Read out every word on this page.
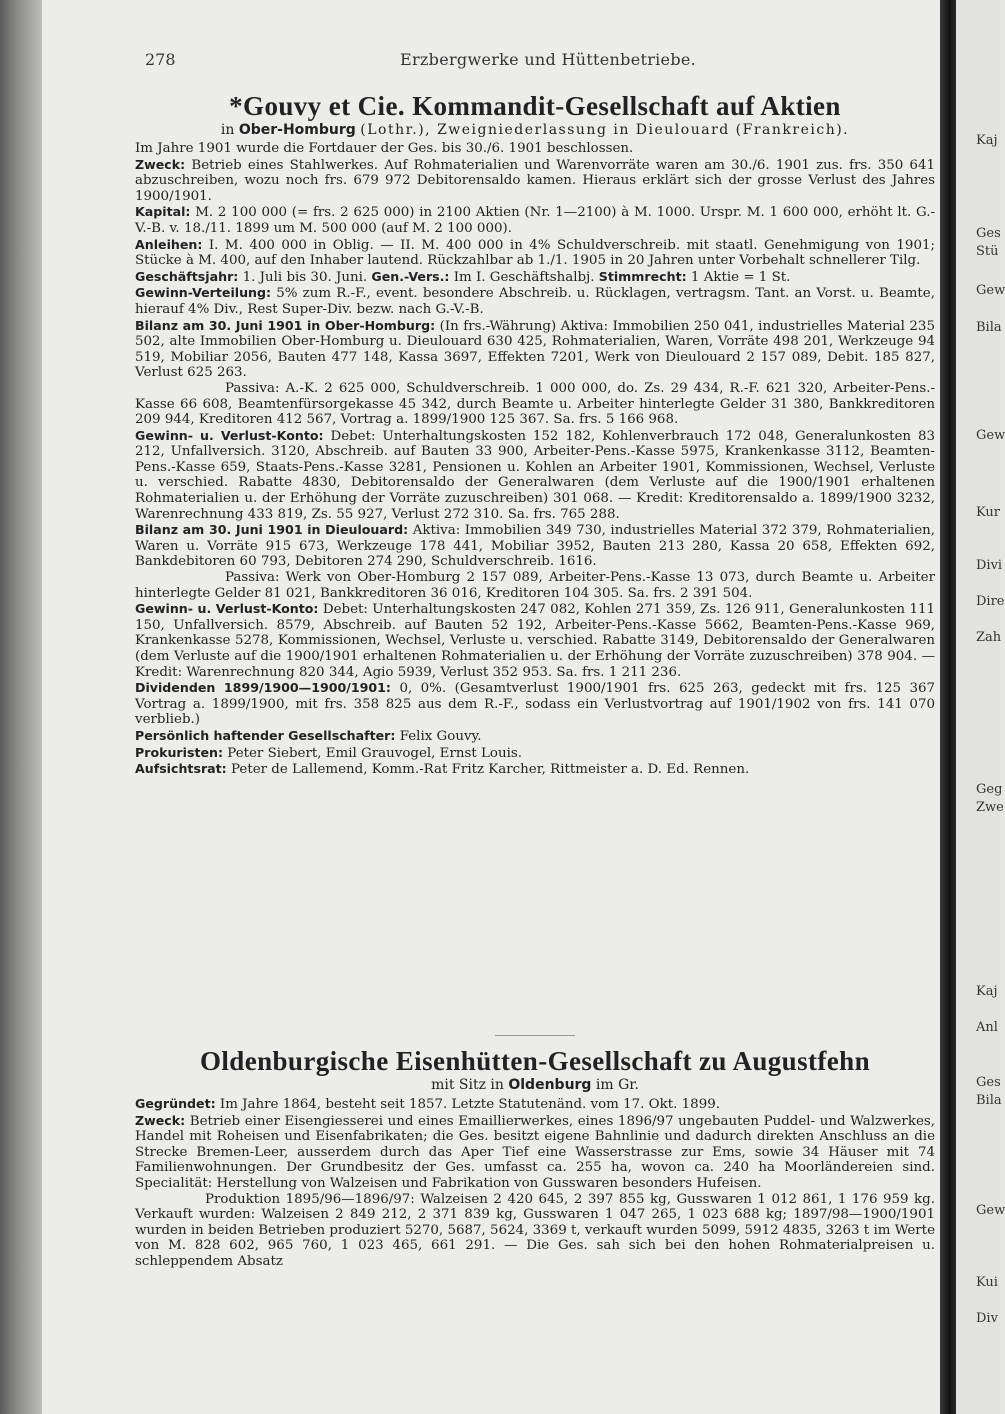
278	Erzbergwerke und Hüttenbetriebe.
*Gouvy et Cie. Kommandit-Gesellschaft auf Aktien
in Ober-Homburg (Lothr.), Zweigniederlassung in Dieulouard (Frankreich).

Im Jahre 1901 wurde die Fortdauer der Ges. bis 30./6. 1901 beschlossen.

Zweck: Betrieb eines Stahlwerkes. Auf Rohmaterialien und Warenvorräte waren am 30./6. 1901 zus. frs. 350 641 abzuschreiben, wozu noch frs. 679 972 Debitorensaldo kamen. Hieraus erklärt sich der grosse Verlust des Jahres 1900/1901.

Kapital: M. 2 100 000 (= frs. 2 625 000) in 2100 Aktien (Nr. 1—2100) à M. 1000. Urspr. M. 1 600 000, erhöht lt. G.-V.-B. v. 18./11. 1899 um M. 500 000 (auf M. 2 100 000).

Anleihen: I. M. 400 000 in Oblig. — II. M. 400 000 in 4% Schuldverschreib. mit staatl. Genehmigung von 1901; Stücke à M. 400, auf den Inhaber lautend. Rückzahlbar ab 1./1. 1905 in 20 Jahren unter Vorbehalt schnellerer Tilg.

Geschäftsjahr: 1. Juli bis 30. Juni. Gen.-Vers.: Im I. Geschäftshalbj. Stimmrecht: 1 Aktie = 1 St.

Gewinn-Verteilung: 5% zum R.-F., event. besondere Abschreib. u. Rücklagen, vertragsm. Tant. an Vorst. u. Beamte, hierauf 4% Div., Rest Super-Div. bezw. nach G.-V.-B.

Bilanz am 30. Juni 1901 in Ober-Homburg: (In frs.-Währung) Aktiva: Immobilien 250 041, industrielles Material 235 502, alte Immobilien Ober-Homburg u. Dieulouard 630 425, Rohmaterialien, Waren, Vorräte 498 201, Werkzeuge 94 519, Mobiliar 2056, Bauten 477 148, Kassa 3697, Effekten 7201, Werk von Dieulouard 2 157 089, Debit. 185 827, Verlust 625 263.

Passiva: A.-K. 2 625 000, Schuldverschreib. 1 000 000, do. Zs. 29 434, R.-F. 621 320, Arbeiter-Pens.-Kasse 66 608, Beamtenfürsorgekasse 45 342, durch Beamte u. Arbeiter hinterlegte Gelder 31 380, Bankkreditoren 209 944, Kreditoren 412 567, Vortrag a. 1899/1900 125 367. Sa. frs. 5 166 968.

Gewinn- u. Verlust-Konto: Debet: Unterhaltungskosten 152 182, Kohlenverbrauch 172 048, Generalunkosten 83 212, Unfallversich. 3120, Abschreib. auf Bauten 33 900, Arbeiter-Pens.-Kasse 5975, Krankenkasse 3112, Beamten-Pens.-Kasse 659, Staats-Pens.-Kasse 3281, Pensionen u. Kohlen an Arbeiter 1901, Kommissionen, Wechsel, Verluste u. verschied. Rabatte 4830, Debitorensaldo der Generalwaren (dem Verluste auf die 1900/1901 erhaltenen Rohmaterialien u. der Erhöhung der Vorräte zuzuschreiben) 301 068. — Kredit: Kreditorensaldo a. 1899/1900 3232, Warenrechnung 433 819, Zs. 55 927, Verlust 272 310. Sa. frs. 765 288.

Bilanz am 30. Juni 1901 in Dieulouard: Aktiva: Immobilien 349 730, industrielles Material 372 379, Rohmaterialien, Waren u. Vorräte 915 673, Werkzeuge 178 441, Mobiliar 3952, Bauten 213 280, Kassa 20 658, Effekten 692, Bankdebitoren 60 793, Debitoren 274 290, Schuldverschreib. 1616.

Passiva: Werk von Ober-Homburg 2 157 089, Arbeiter-Pens.-Kasse 13 073, durch Beamte u. Arbeiter hinterlegte Gelder 81 021, Bankkreditoren 36 016, Kreditoren 104 305. Sa. frs. 2 391 504.

Gewinn- u. Verlust-Konto: Debet: Unterhaltungskosten 247 082, Kohlen 271 359, Zs. 126 911, Generalunkosten 111 150, Unfallversich. 8579, Abschreib. auf Bauten 52 192, Arbeiter-Pens.-Kasse 5662, Beamten-Pens.-Kasse 969, Krankenkasse 5278, Kommissionen, Wechsel, Verluste u. verschied. Rabatte 3149, Debitorensaldo der Generalwaren (dem Verluste auf die 1900/1901 erhaltenen Rohmaterialien u. der Erhöhung der Vorräte zuzuschreiben) 378 904. — Kredit: Warenrechnung 820 344, Agio 5939, Verlust 352 953. Sa. frs. 1 211 236.

Dividenden 1899/1900—1900/1901: 0, 0%. (Gesamtverlust 1900/1901 frs. 625 263, gedeckt mit frs. 125 367 Vortrag a. 1899/1900, mit frs. 358 825 aus dem R.-F., sodass ein Verlustvortrag auf 1901/1902 von frs. 141 070 verblieb.)

Persönlich haftender Gesellschafter: Felix Gouvy.

Prokuristen: Peter Siebert, Emil Grauvogel, Ernst Louis.

Aufsichtsrat: Peter de Lallemend, Komm.-Rat Fritz Karcher, Rittmeister a. D. Ed. Rennen.

Oldenburgische Eisenhütten-Gesellschaft zu Augustfehn
mit Sitz in Oldenburg im Gr.

Gegründet: Im Jahre 1864, besteht seit 1857. Letzte Statutenänd. vom 17. Okt. 1899.

Zweck: Betrieb einer Eisengiesserei und eines Emaillierwerkes, eines 1896/97 ungebauten Puddel- und Walzwerkes, Handel mit Roheisen und Eisenfabrikaten; die Ges. besitzt eigene Bahnlinie und dadurch direkten Anschluss an die Strecke Bremen-Leer, ausserdem durch das Aper Tief eine Wasserstrasse zur Ems, sowie 34 Häuser mit 74 Familienwohnungen. Der Grundbesitz der Ges. umfasst ca. 255 ha, wovon ca. 240 ha Moorländereien sind. Specialität: Herstellung von Walzeisen und Fabrikation von Gusswaren besonders Hufeisen.

Produktion 1895/96—1896/97: Walzeisen 2 420 645, 2 397 855 kg, Gusswaren 1 012 861, 1 176 959 kg. Verkauft wurden: Walzeisen 2 849 212, 2 371 839 kg, Gusswaren 1 047 265, 1 023 688 kg; 1897/98—1900/1901 wurden in beiden Betrieben produziert 5270, 5687, 5624, 3369 t, verkauft wurden 5099, 5912 4835, 3263 t im Werte von M. 828 602, 965 760, 1 023 465, 661 291. — Die Ges. sah sich bei den hohen Rohmaterialpreisen u. schleppendem Absatz

Kaj
Ges
Stü
Gew
Bila
Gew
Kur
Divi
Dire
Zah
Geg
Zwe
Kaj
Anl
Ges
Bila
Gew
Kui
Div
